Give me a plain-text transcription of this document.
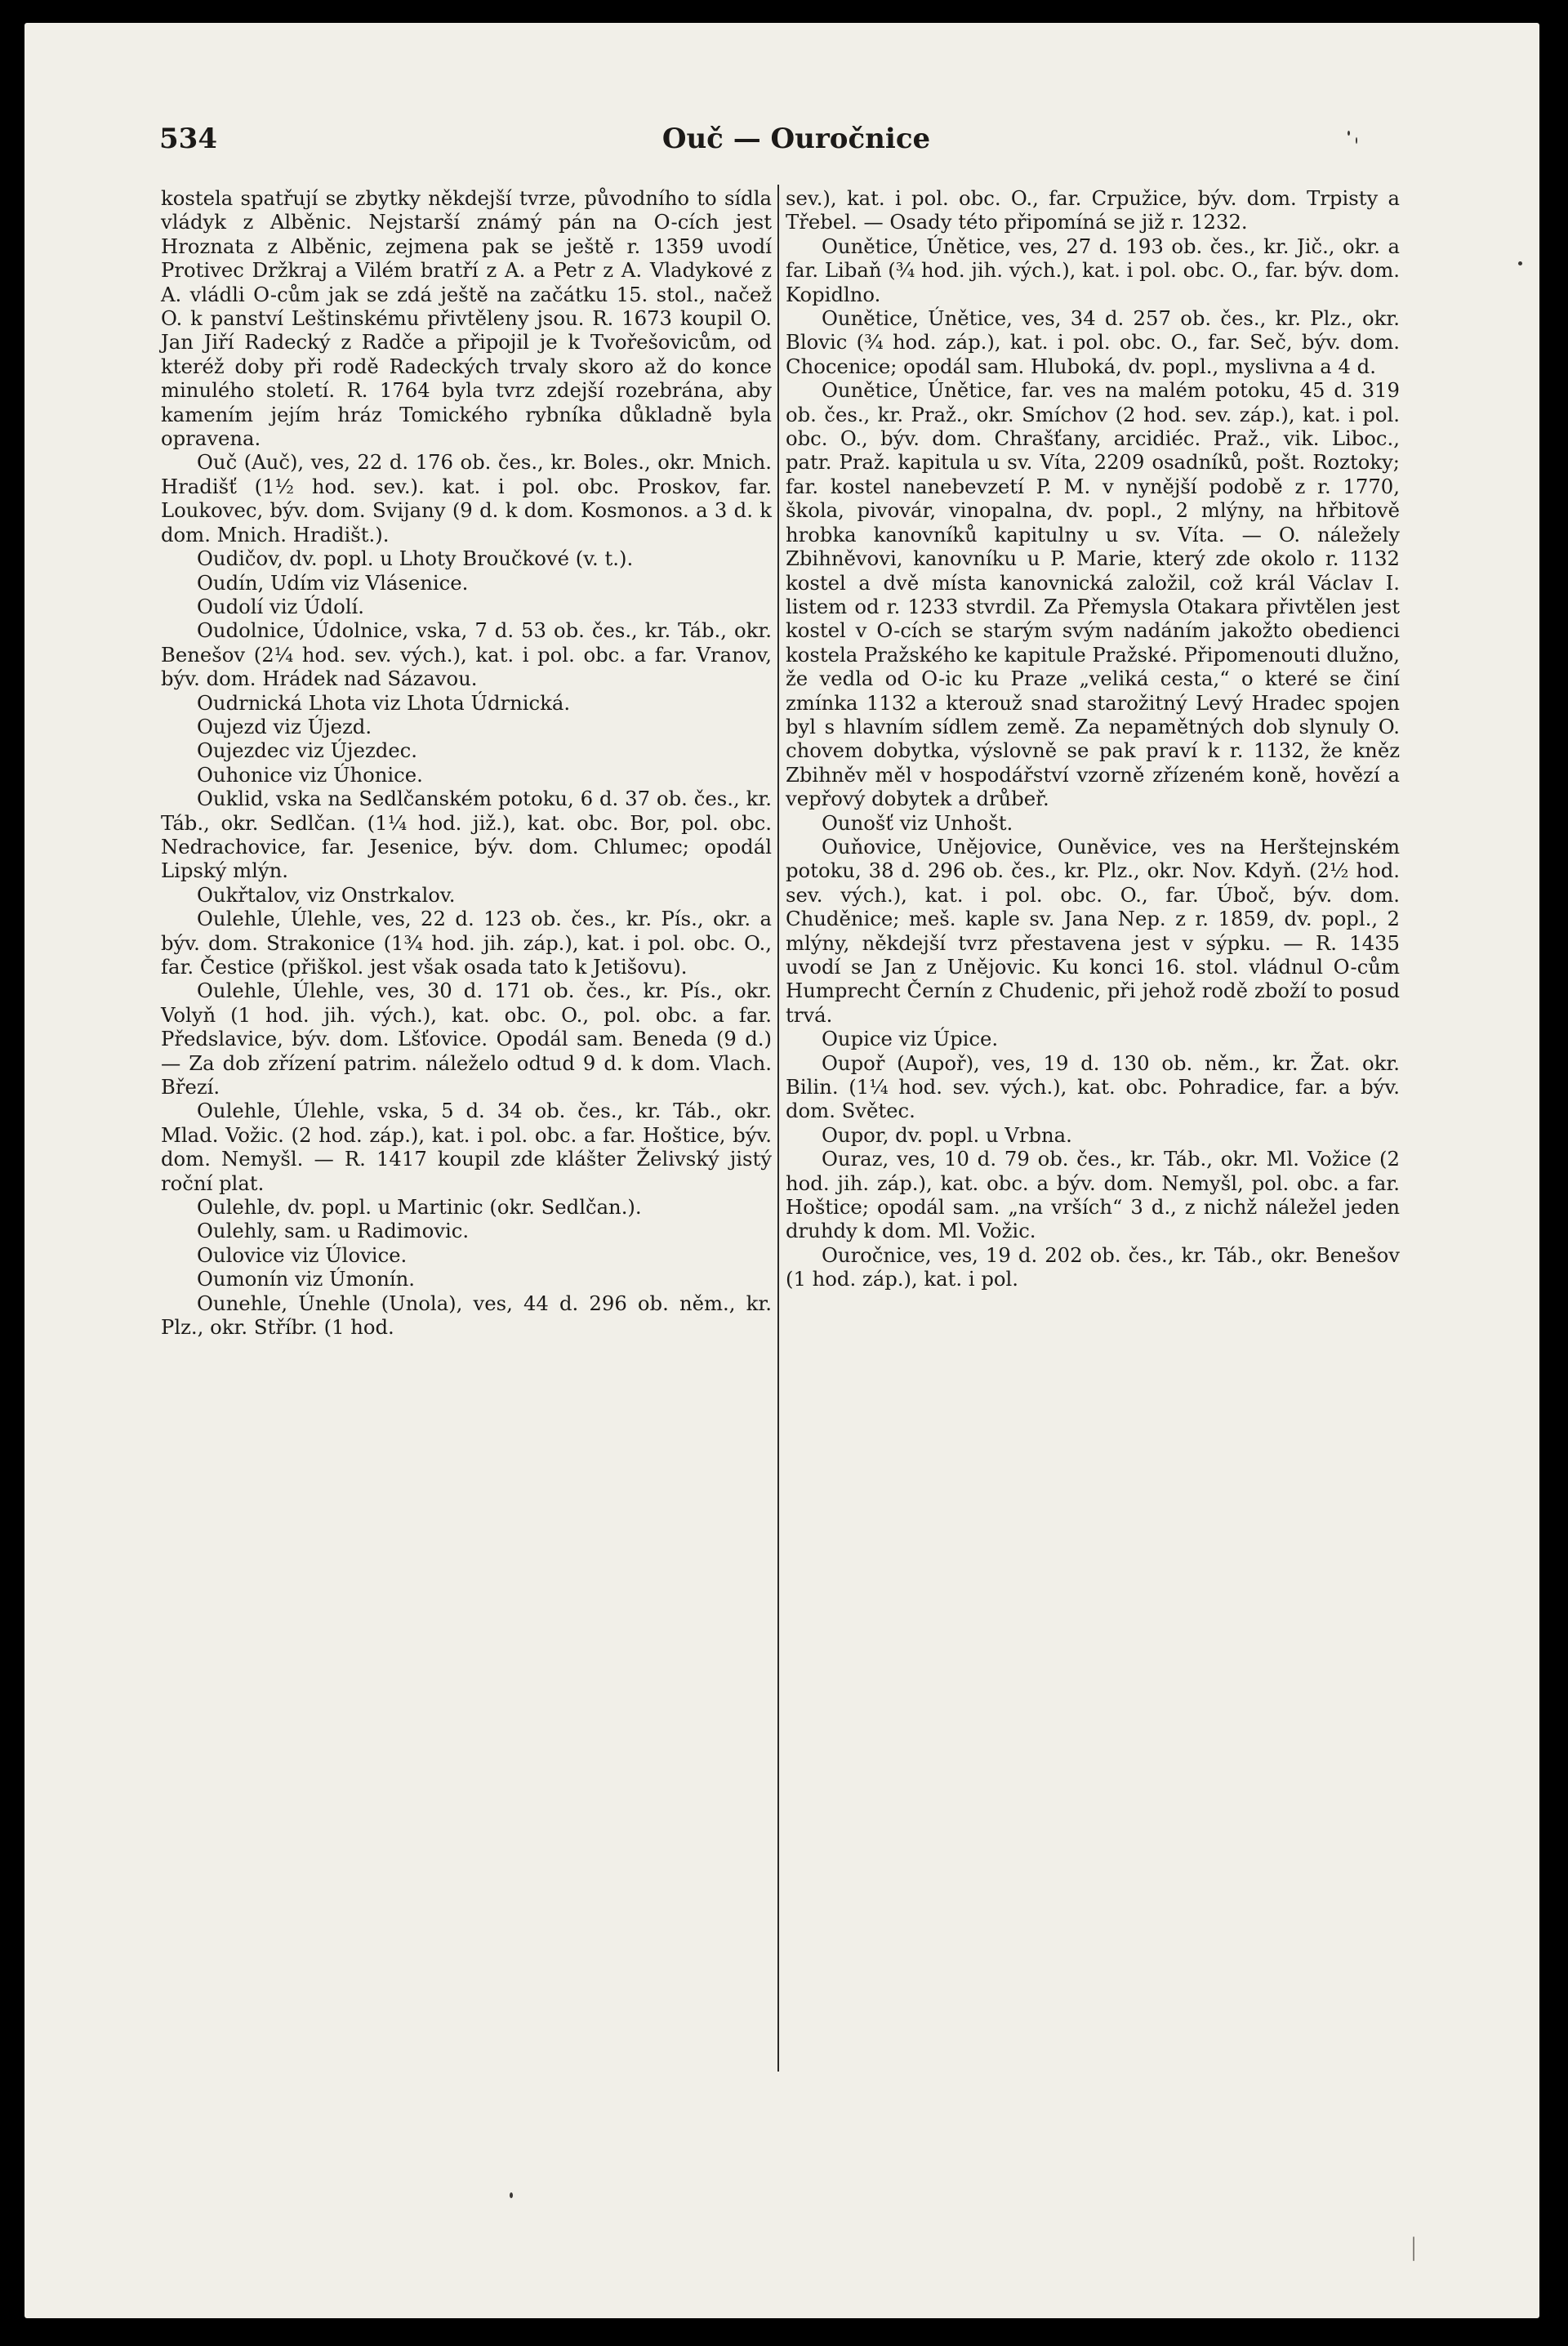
534	Ouč — Ouročnice

kostela spatřují se zbytky někdejší tvrze, původního to sídla vládyk z Alběnic. Nejstarší známý pán na O-cích jest Hroznata z Alběnic, zejmena pak se ještě r. 1359 uvodí Protivec Držkraj a Vilém bratří z A. a Petr z A. Vladykové z A. vládli O-cům jak se zdá ještě na začátku 15. stol., načež O. k panství Leštinskému přivtěleny jsou. R. 1673 koupil O. Jan Jiří Radecký z Radče a připojil je k Tvořešovicům, od kteréž doby při rodě Radeckých trvaly skoro až do konce minulého století. R. 1764 byla tvrz zdejší rozebrána, aby kamením jejím hráz Tomického rybníka důkladně byla opravena.

Ouč (Auč), ves, 22 d. 176 ob. čes., kr. Boles., okr. Mnich. Hradišť (1½ hod. sev.). kat. i pol. obc. Proskov, far. Loukovec, býv. dom. Svijany (9 d. k dom. Kosmonos. a 3 d. k dom. Mnich. Hradišt.).

Oudičov, dv. popl. u Lhoty Broučkové (v. t.).

Oudín, Udím viz Vlásenice.

Oudolí viz Údolí.

Oudolnice, Údolnice, vska, 7 d. 53 ob. čes., kr. Táb., okr. Benešov (2¼ hod. sev. vých.), kat. i pol. obc. a far. Vranov, býv. dom. Hrádek nad Sázavou.

Oudrnická Lhota viz Lhota Údrnická.

Oujezd viz Újezd.

Oujezdec viz Újezdec.

Ouhonice viz Úhonice.

Ouklid, vska na Sedlčanském potoku, 6 d. 37 ob. čes., kr. Táb., okr. Sedlčan. (1¼ hod. již.), kat. obc. Bor, pol. obc. Nedrachovice, far. Jesenice, býv. dom. Chlumec; opodál Lipský mlýn.

Oukřtalov, viz Onstrkalov.

Oulehle, Úlehle, ves, 22 d. 123 ob. čes., kr. Pís., okr. a býv. dom. Strakonice (1¾ hod. jih. záp.), kat. i pol. obc. O., far. Čestice (přiškol. jest však osada tato k Jetišovu).

Oulehle, Úlehle, ves, 30 d. 171 ob. čes., kr. Pís., okr. Volyň (1 hod. jih. vých.), kat. obc. O., pol. obc. a far. Předslavice, býv. dom. Lšťovice. Opodál sam. Beneda (9 d.) — Za dob zřízení patrim. náleželo odtud 9 d. k dom. Vlach. Březí.

Oulehle, Úlehle, vska, 5 d. 34 ob. čes., kr. Táb., okr. Mlad. Vožic. (2 hod. záp.), kat. i pol. obc. a far. Hoštice, býv. dom. Nemyšl. — R. 1417 koupil zde klášter Želivský jistý roční plat.

Oulehle, dv. popl. u Martinic (okr. Sedlčan.).

Oulehly, sam. u Radimovic.

Oulovice viz Úlovice.

Oumonín viz Úmonín.

Ounehle, Únehle (Unola), ves, 44 d. 296 ob. něm., kr. Plz., okr. Stříbr. (1 hod.

sev.), kat. i pol. obc. O., far. Crpužice, býv. dom. Trpisty a Třebel. — Osady této připomíná se již r. 1232.

Ounětice, Únětice, ves, 27 d. 193 ob. čes., kr. Jič., okr. a far. Libaň (¾ hod. jih. vých.), kat. i pol. obc. O., far. býv. dom. Kopidlno.

Ounětice, Únětice, ves, 34 d. 257 ob. čes., kr. Plz., okr. Blovic (¾ hod. záp.), kat. i pol. obc. O., far. Seč, býv. dom. Chocenice; opodál sam. Hluboká, dv. popl., myslivna a 4 d.

Ounětice, Únětice, far. ves na malém potoku, 45 d. 319 ob. čes., kr. Praž., okr. Smíchov (2 hod. sev. záp.), kat. i pol. obc. O., býv. dom. Chrašťany, arcidiéc. Praž., vik. Liboc., patr. Praž. kapitula u sv. Víta, 2209 osadníků, pošt. Roztoky; far. kostel nanebevzetí P. M. v nynější podobě z r. 1770, škola, pivovár, vinopalna, dv. popl., 2 mlýny, na hřbitově hrobka kanovníků kapitulny u sv. Víta. — O. náležely Zbihněvovi, kanovníku u P. Marie, který zde okolo r. 1132 kostel a dvě místa kanovnická založil, což král Václav I. listem od r. 1233 stvrdil. Za Přemysla Otakara přivtělen jest kostel v O-cích se starým svým nadáním jakožto obedienci kostela Pražského ke kapitule Pražské. Připomenouti dlužno, že vedla od O-ic ku Praze „veliká cesta,“ o které se činí zmínka 1132 a kterouž snad starožitný Levý Hradec spojen byl s hlavním sídlem země. Za nepamětných dob slynuly O. chovem dobytka, výslovně se pak praví k r. 1132, že kněz Zbihněv měl v hospodářství vzorně zřízeném koně, hovězí a vepřový dobytek a drůbeř.

Ounošť viz Unhošt.

Ouňovice, Unějovice, Ouněvice, ves na Herštejnském potoku, 38 d. 296 ob. čes., kr. Plz., okr. Nov. Kdyň. (2½ hod. sev. vých.), kat. i pol. obc. O., far. Úboč, býv. dom. Chuděnice; meš. kaple sv. Jana Nep. z r. 1859, dv. popl., 2 mlýny, někdejší tvrz přestavena jest v sýpku. — R. 1435 uvodí se Jan z Unějovic. Ku konci 16. stol. vládnul O-cům Humprecht Černín z Chudenic, při jehož rodě zboží to posud trvá.

Oupice viz Úpice.

Oupoř (Aupoř), ves, 19 d. 130 ob. něm., kr. Žat. okr. Bilin. (1¼ hod. sev. vých.), kat. obc. Pohradice, far. a býv. dom. Světec.

Oupor, dv. popl. u Vrbna.

Ouraz, ves, 10 d. 79 ob. čes., kr. Táb., okr. Ml. Vožice (2 hod. jih. záp.), kat. obc. a býv. dom. Nemyšl, pol. obc. a far. Hoštice; opodál sam. „na vrších“ 3 d., z nichž náležel jeden druhdy k dom. Ml. Vožic.

Ouročnice, ves, 19 d. 202 ob. čes., kr. Táb., okr. Benešov (1 hod. záp.), kat. i pol.
